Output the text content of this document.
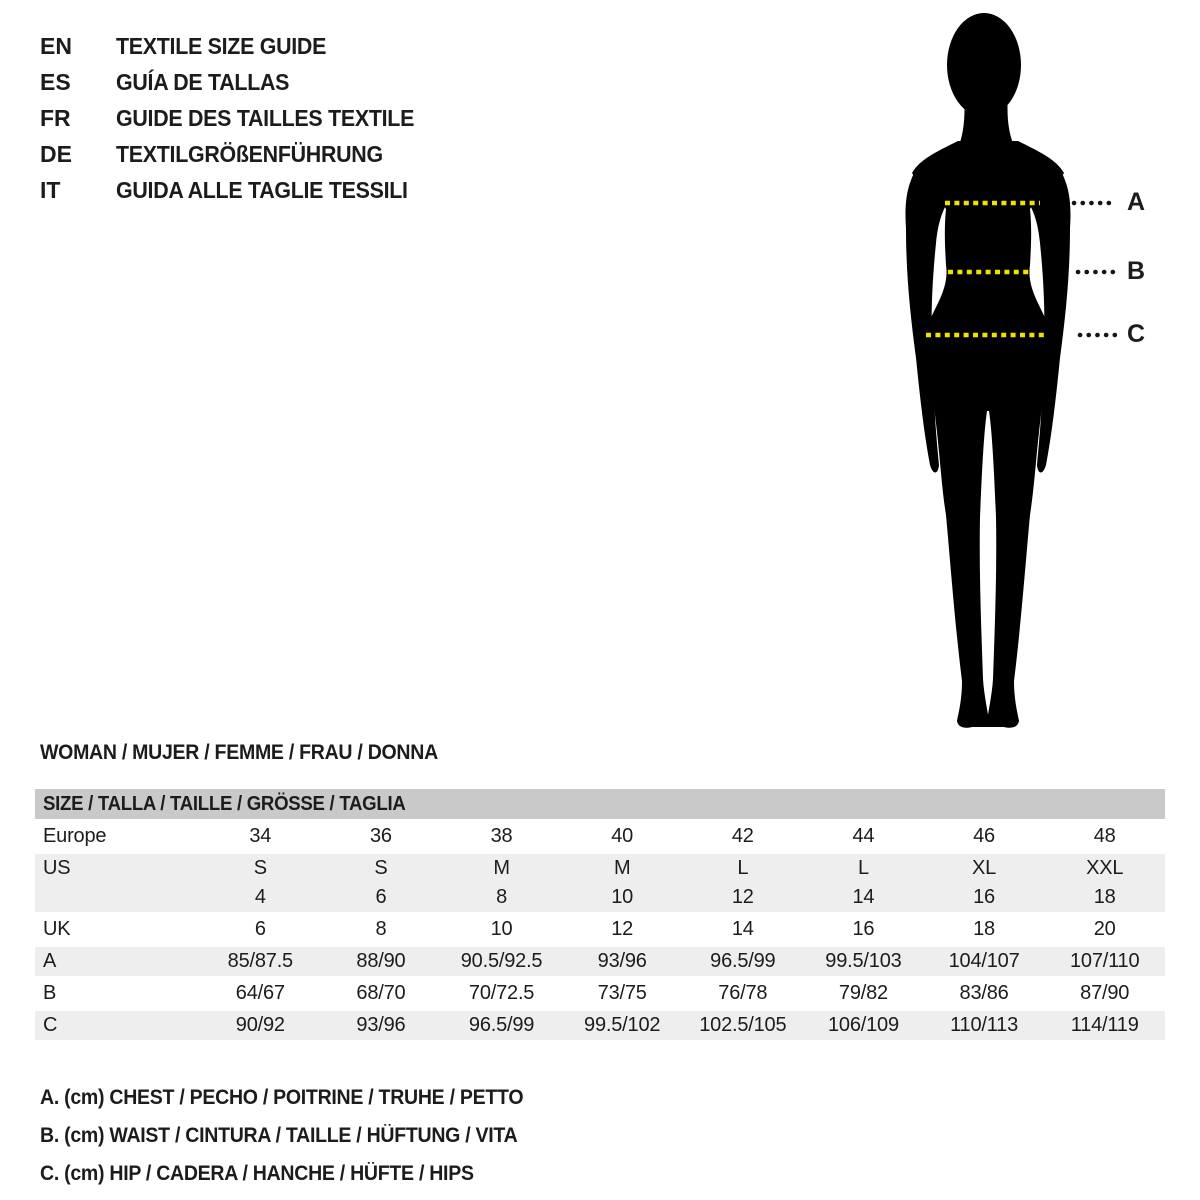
EN TEXTILE SIZE GUIDE
ES GUÍA DE TALLAS
FR GUIDE DES TAILLES TEXTILE
DE TEXTILGRÖßENFÜHRUNG
IT GUIDA ALLE TAGLIE TESSILI	A
B
C
WOMAN / MUJER / FEMME / FRAU / DONNA
SIZE / TALLA / TAILLE / GRÖSSE / TAGLIA
Europe	34	36	38	40	42	44	46	48
US	S	S	M	M	L	L	XL	XXL
4	6	8	10	12	14	16	18
UK	6	8	10	12	14	16	18	20
A	85/87.5	88/90	90.5/92.5	93/96	96.5/99	99.5/103	104/107	107/110
B	64/67	68/70	70/72.5	73/75	76/78	79/82	83/86	87/90
C	90/92	93/96	96.5/99	99.5/102	102.5/105	106/109	110/113	114/119
A. (cm) CHEST / PECHO / POITRINE / TRUHE / PETTO
B. (cm) WAIST / CINTURA / TAILLE / HÜFTUNG / VITA
C. (cm) HIP / CADERA / HANCHE / HÜFTE / HIPS
